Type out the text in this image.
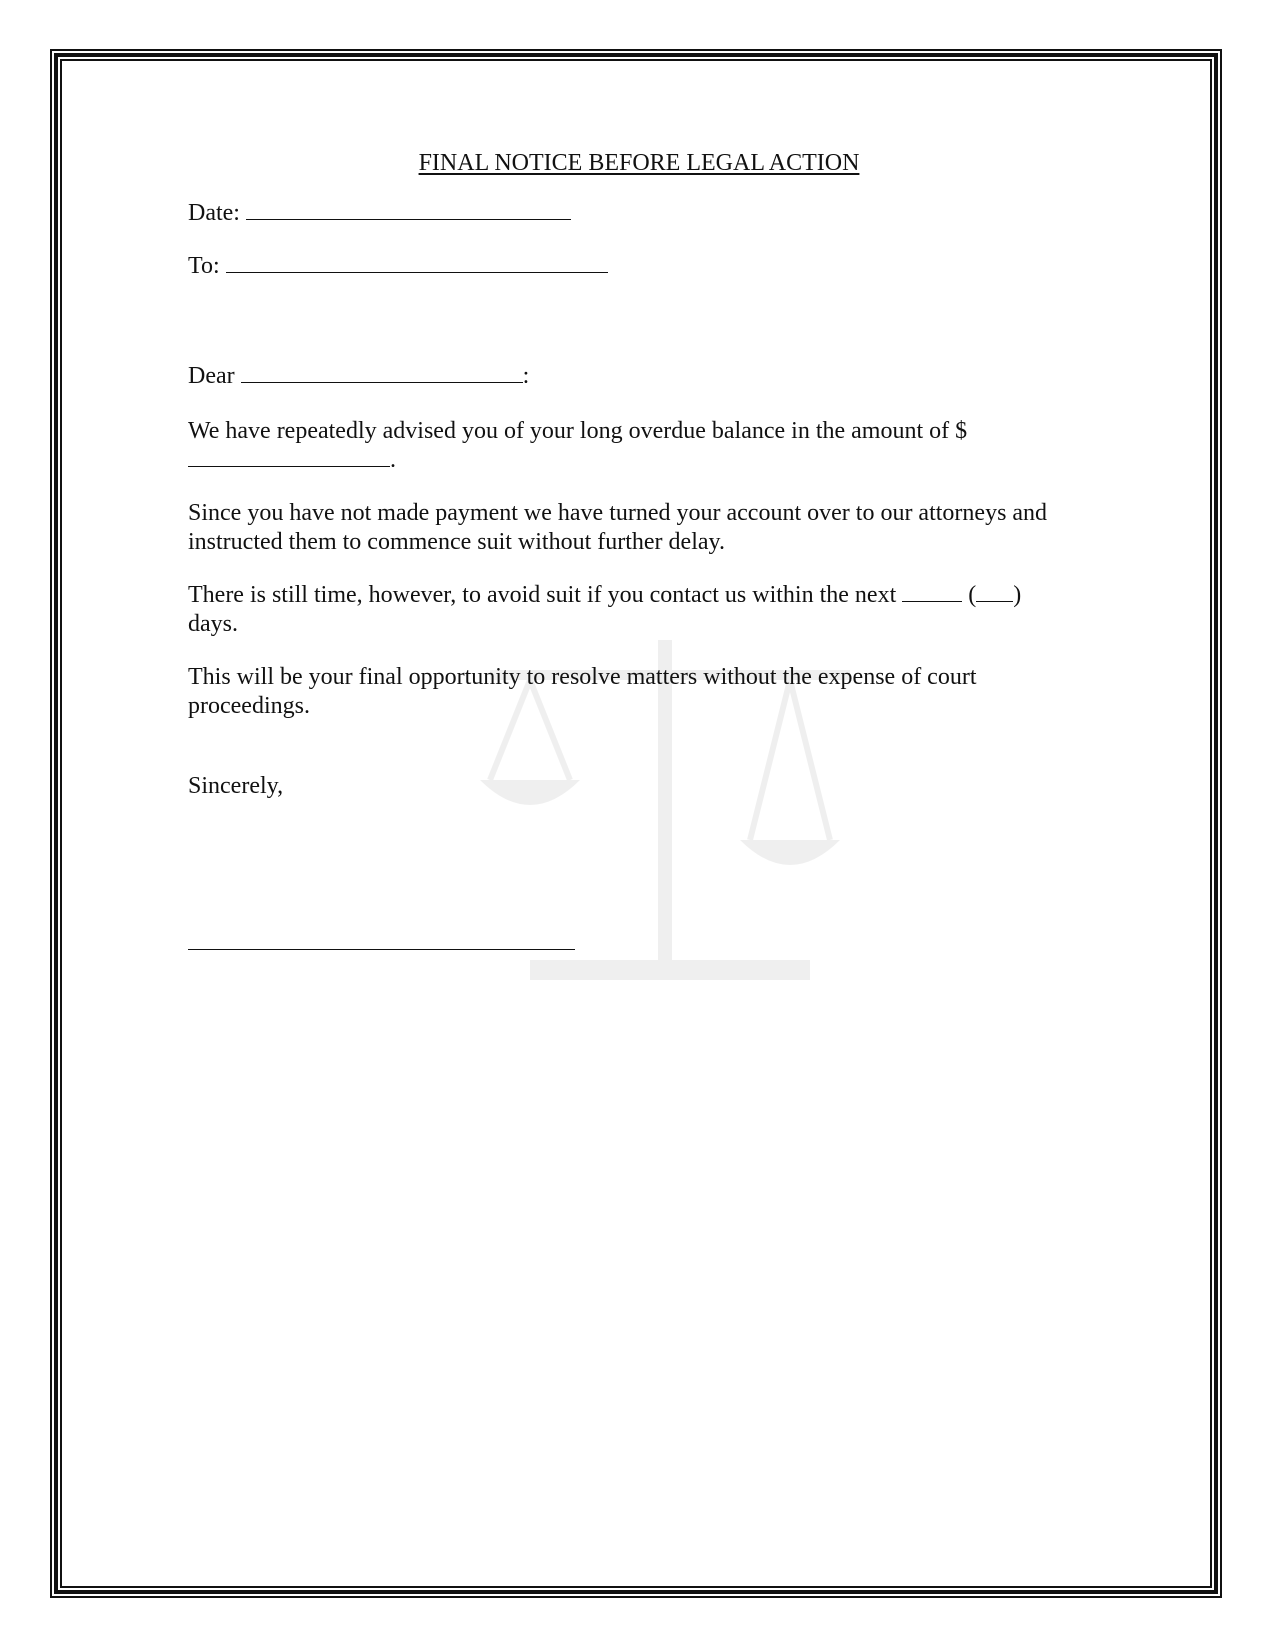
FINAL NOTICE BEFORE LEGAL ACTION

Date:

To:

Dear	:

We have repeatedly advised you of your long overdue balance in the amount of $
.

Since you have not made payment we have turned your account over to our attorneys and instructed them to commence suit without further delay.

There is still time, however, to avoid suit if you contact us within the next	( )
days.

This will be your final opportunity to resolve matters without the expense of court proceedings.

Sincerely,
